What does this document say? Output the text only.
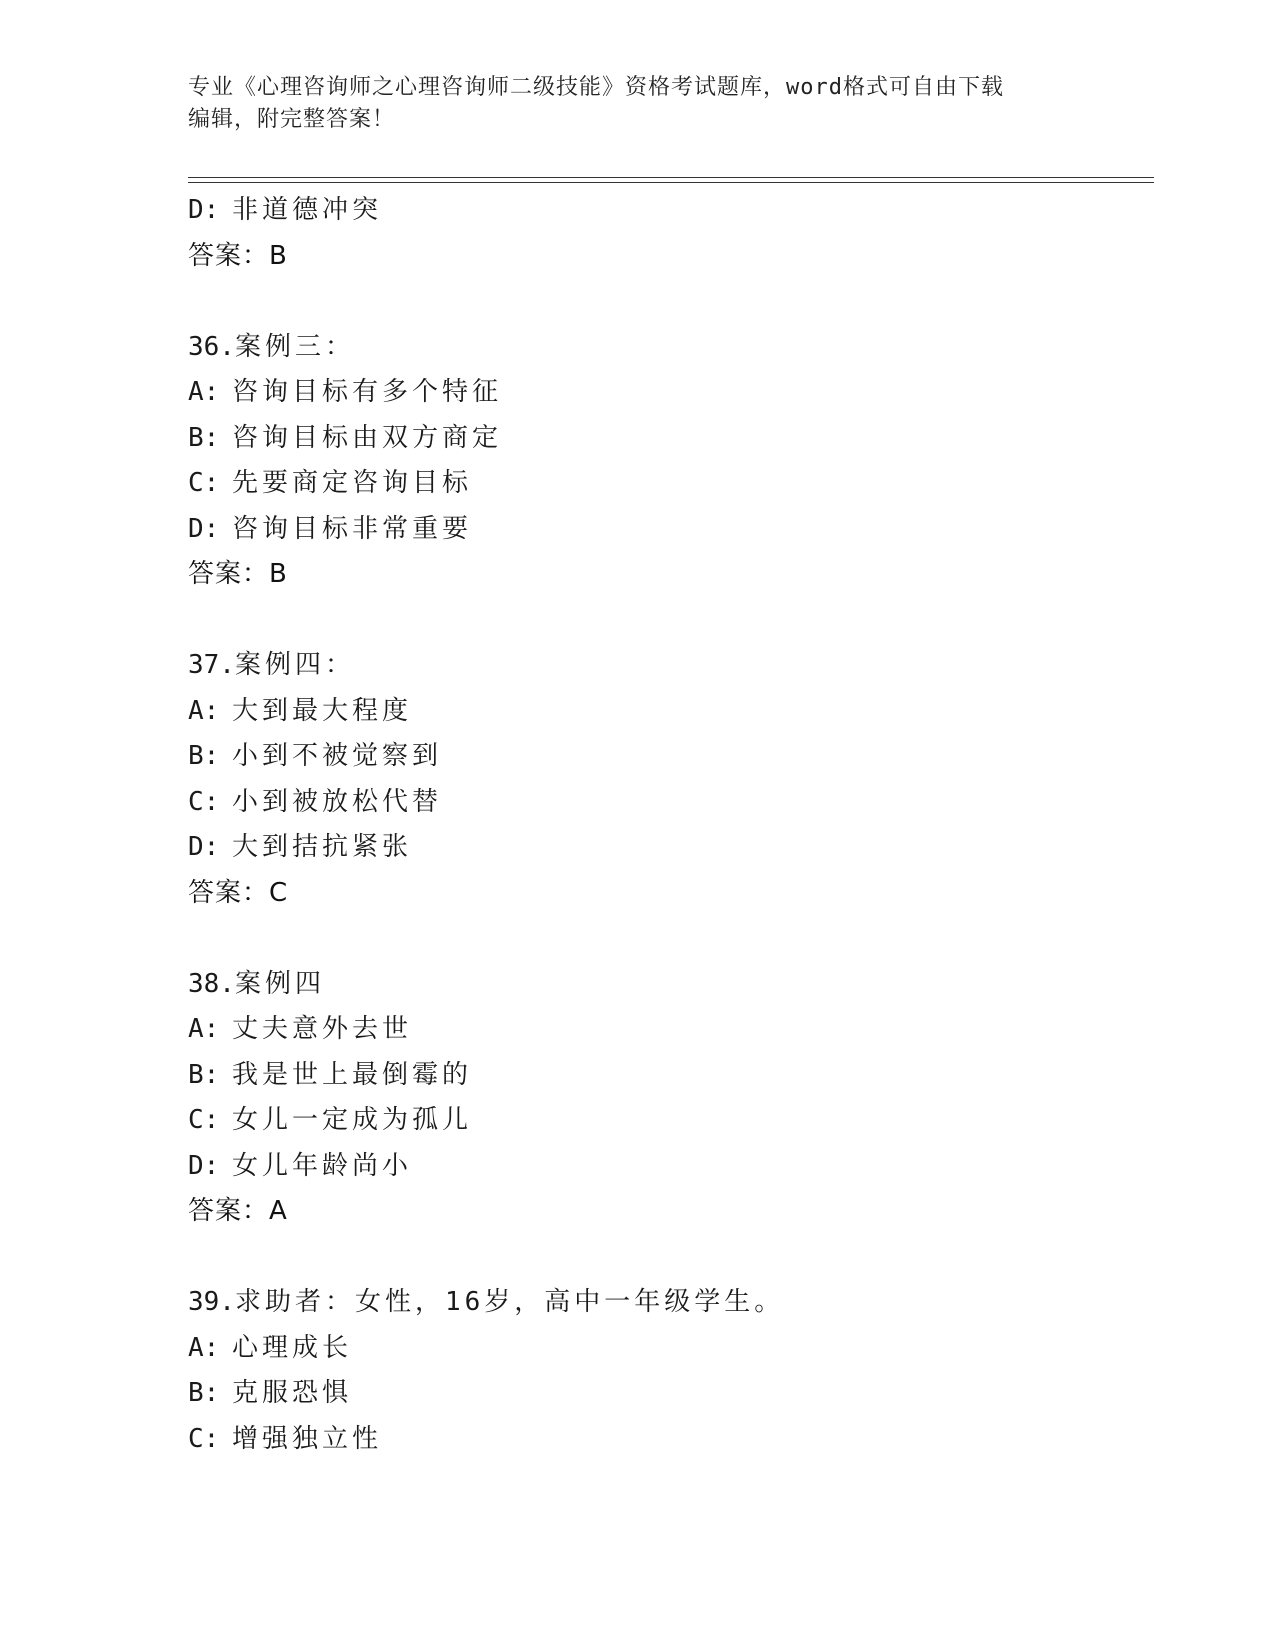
专业《心理咨询师之心理咨询师二级技能》资格考试题库，word格式可自由下载
编辑，附完整答案！
D: 非道德冲突
答案：B
36.案例三：
A: 咨询目标有多个特征
B: 咨询目标由双方商定
C: 先要商定咨询目标
D: 咨询目标非常重要
答案：B
37.案例四：
A: 大到最大程度
B: 小到不被觉察到
C: 小到被放松代替
D: 大到拮抗紧张
答案：C
38.案例四
A: 丈夫意外去世
B: 我是世上最倒霉的
C: 女儿一定成为孤儿
D: 女儿年龄尚小
答案：A
39.求助者：女性，16岁，高中一年级学生。
A: 心理成长
B: 克服恐惧
C: 增强独立性
